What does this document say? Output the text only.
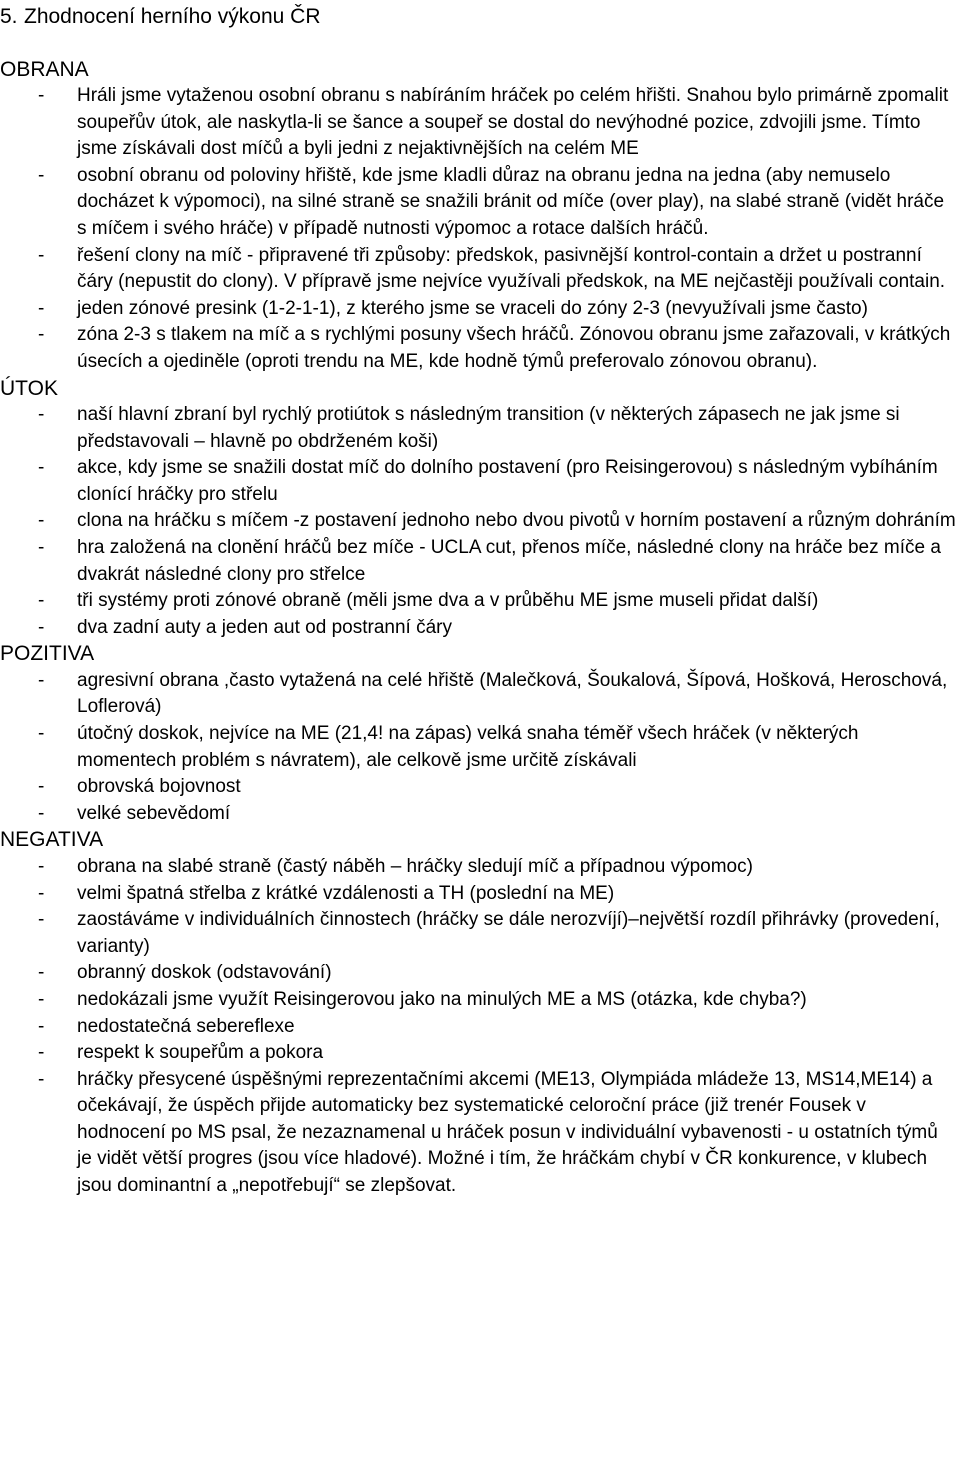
5. Zhodnocení herního výkonu ČR
OBRANA
- Hráli jsme vytaženou osobní obranu s nabíráním hráček po celém hřišti. Snahou bylo primárně zpomalit soupeřův útok, ale naskytla-li se šance a soupeř se dostal do nevýhodné pozice, zdvojili jsme. Tímto jsme získávali dost míčů a byli jedni z nejaktivnějších na celém ME
- osobní obranu od poloviny hřiště, kde jsme kladli důraz na obranu jedna na jedna (aby nemuselo docházet k výpomoci), na silné straně se snažili bránit od míče (over play), na slabé straně (vidět hráče s míčem i svého hráče) v případě nutnosti výpomoc a rotace dalších hráčů.
- řešení clony na míč - připravené tři způsoby: předskok, pasivnější kontrol-contain a držet u postranní čáry (nepustit do clony). V přípravě jsme nejvíce využívali předskok, na ME nejčastěji používali contain.
- jeden zónové presink (1-2-1-1), z kterého jsme se vraceli do zóny 2-3 (nevyužívali jsme často)
- zóna 2-3 s tlakem na míč a s rychlými posuny všech hráčů. Zónovou obranu jsme zařazovali, v krátkých úsecích a ojediněle (oproti trendu na ME, kde hodně týmů preferovalo zónovou obranu).
ÚTOK
- naší hlavní zbraní byl rychlý protiútok s následným transition (v některých zápasech ne jak jsme si představovali – hlavně po obdrženém koši)
- akce, kdy jsme se snažili dostat míč do dolního postavení (pro Reisingerovou) s následným vybíháním clonící hráčky pro střelu
- clona na hráčku s míčem -z postavení jednoho nebo dvou pivotů v horním postavení a různým dohráním
- hra založená na clonění hráčů bez míče - UCLA cut, přenos míče, následné clony na hráče bez míče a dvakrát následné clony pro střelce
- tři systémy proti zónové obraně (měli jsme dva a v průběhu ME jsme museli přidat další)
- dva zadní auty a jeden aut od postranní čáry
POZITIVA
- agresivní obrana ,často vytažená na celé hřiště (Malečková, Šoukalová, Šípová, Hošková, Heroschová, Loflerová)
- útočný doskok, nejvíce na ME (21,4! na zápas) velká snaha téměř všech hráček (v některých momentech problém s návratem), ale celkově jsme určitě získávali
- obrovská bojovnost
- velké sebevědomí
NEGATIVA
- obrana na slabé straně (častý náběh – hráčky sledují míč a případnou výpomoc)
- velmi špatná střelba z krátké vzdálenosti a TH (poslední na ME)
- zaostáváme v individuálních činnostech (hráčky se dále nerozvíjí)–největší rozdíl přihrávky (provedení, varianty)
- obranný doskok (odstavování)
- nedokázali jsme využít Reisingerovou jako na minulých ME a MS (otázka, kde chyba?)
- nedostatečná sebereflexe
- respekt k soupeřům a pokora
- hráčky přesycené úspěšnými reprezentačními akcemi (ME13, Olympiáda mládeže 13, MS14,ME14) a očekávají, že úspěch přijde automaticky bez systematické celoroční práce (již trenér Fousek v hodnocení po MS psal, že nezaznamenal u hráček posun v individuální vybavenosti - u ostatních týmů je vidět větší progres (jsou více hladové). Možné i tím, že hráčkám chybí v ČR konkurence, v klubech jsou dominantní a „nepotřebují“ se zlepšovat.
